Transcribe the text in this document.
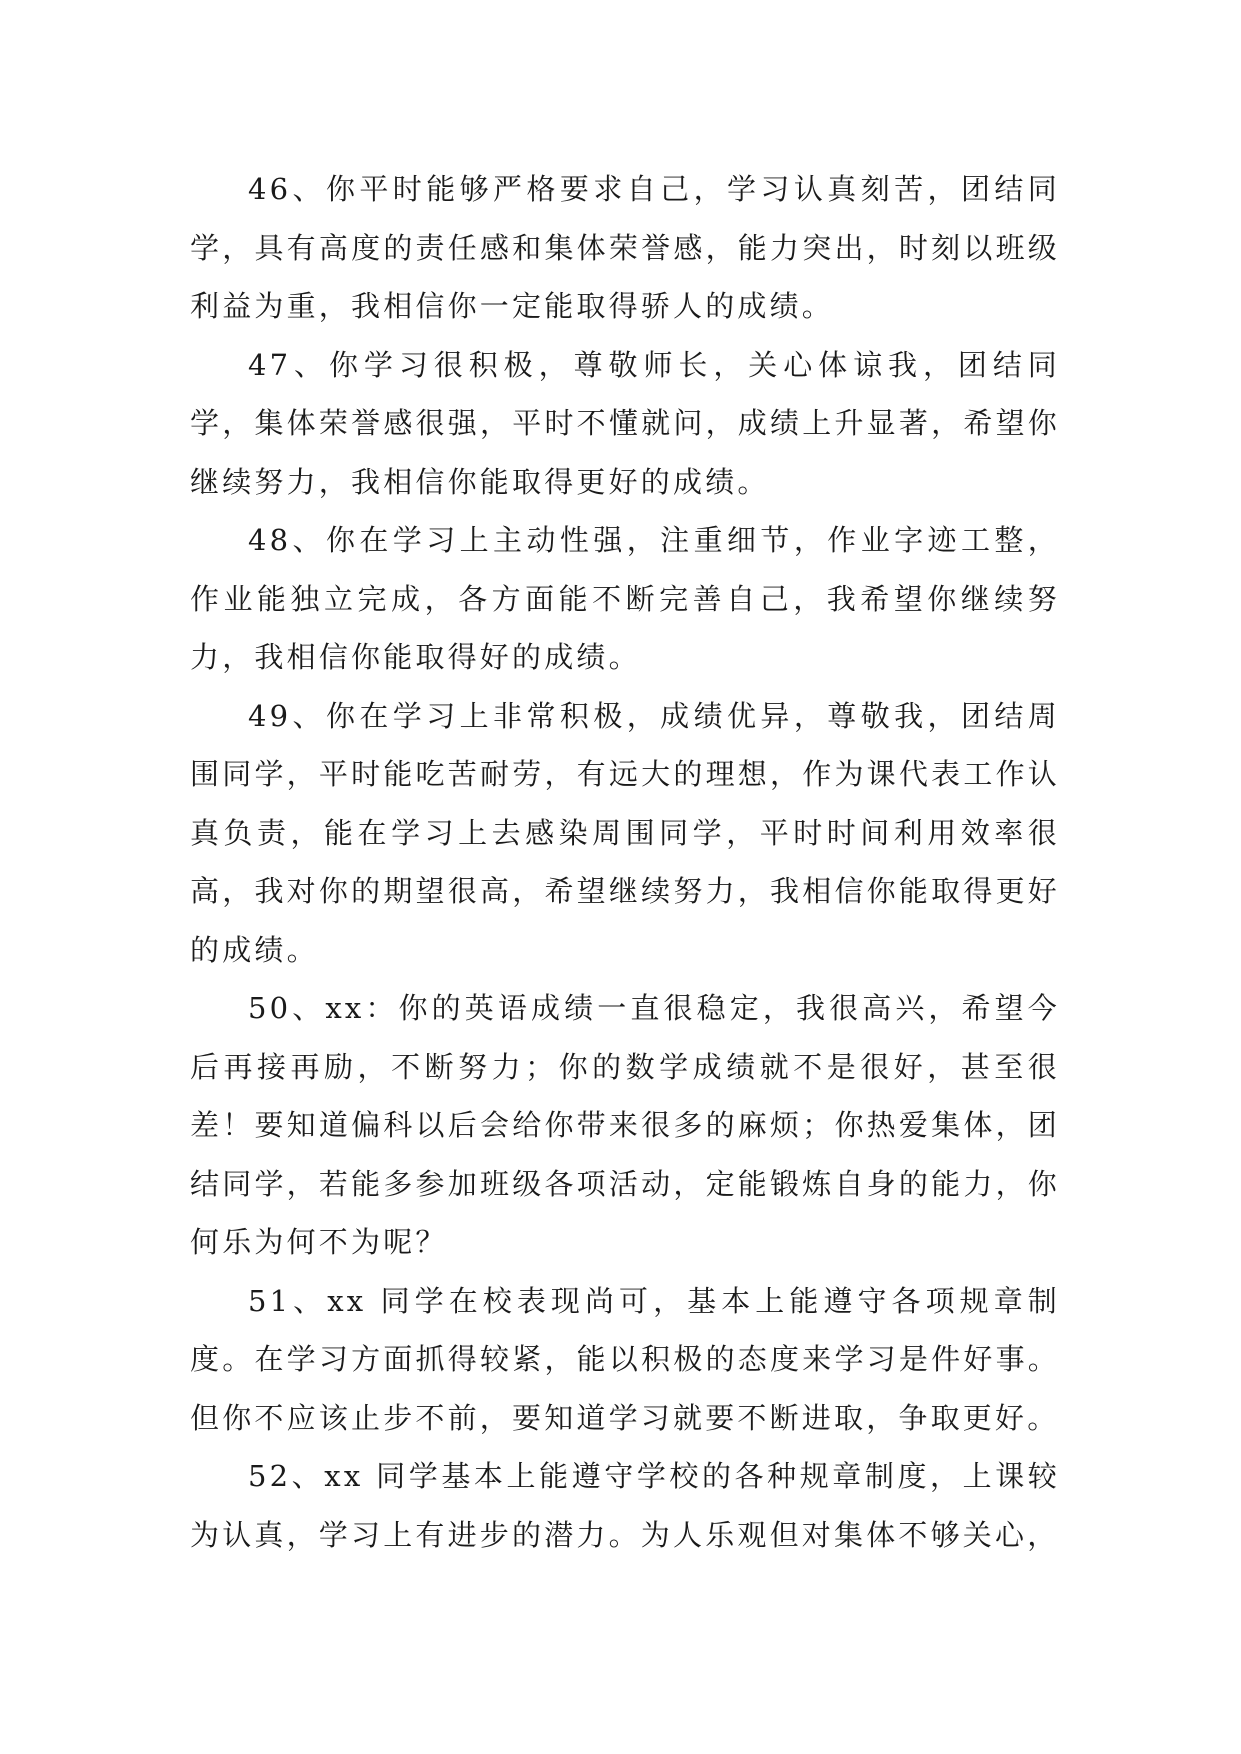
46、你平时能够严格要求自己，学习认真刻苦，团结同学，具有高度的责任感和集体荣誉感，能力突出，时刻以班级利益为重，我相信你一定能取得骄人的成绩。

47、你学习很积极，尊敬师长，关心体谅我，团结同学，集体荣誉感很强，平时不懂就问，成绩上升显著，希望你继续努力，我相信你能取得更好的成绩。

48、你在学习上主动性强，注重细节，作业字迹工整，作业能独立完成，各方面能不断完善自己，我希望你继续努力，我相信你能取得好的成绩。

49、你在学习上非常积极，成绩优异，尊敬我，团结周围同学，平时能吃苦耐劳，有远大的理想，作为课代表工作认真负责，能在学习上去感染周围同学，平时时间利用效率很高，我对你的期望很高，希望继续努力，我相信你能取得更好的成绩。

50、xx：你的英语成绩一直很稳定，我很高兴，希望今后再接再励，不断努力；你的数学成绩就不是很好，甚至很差！要知道偏科以后会给你带来很多的麻烦；你热爱集体，团结同学，若能多参加班级各项活动，定能锻炼自身的能力，你何乐为何不为呢？

51、xx 同学在校表现尚可，基本上能遵守各项规章制度。在学习方面抓得较紧，能以积极的态度来学习是件好事。但你不应该止步不前，要知道学习就要不断进取，争取更好。

52、xx 同学基本上能遵守学校的各种规章制度，上课较为认真，学习上有进步的潜力。为人乐观但对集体不够关心，
